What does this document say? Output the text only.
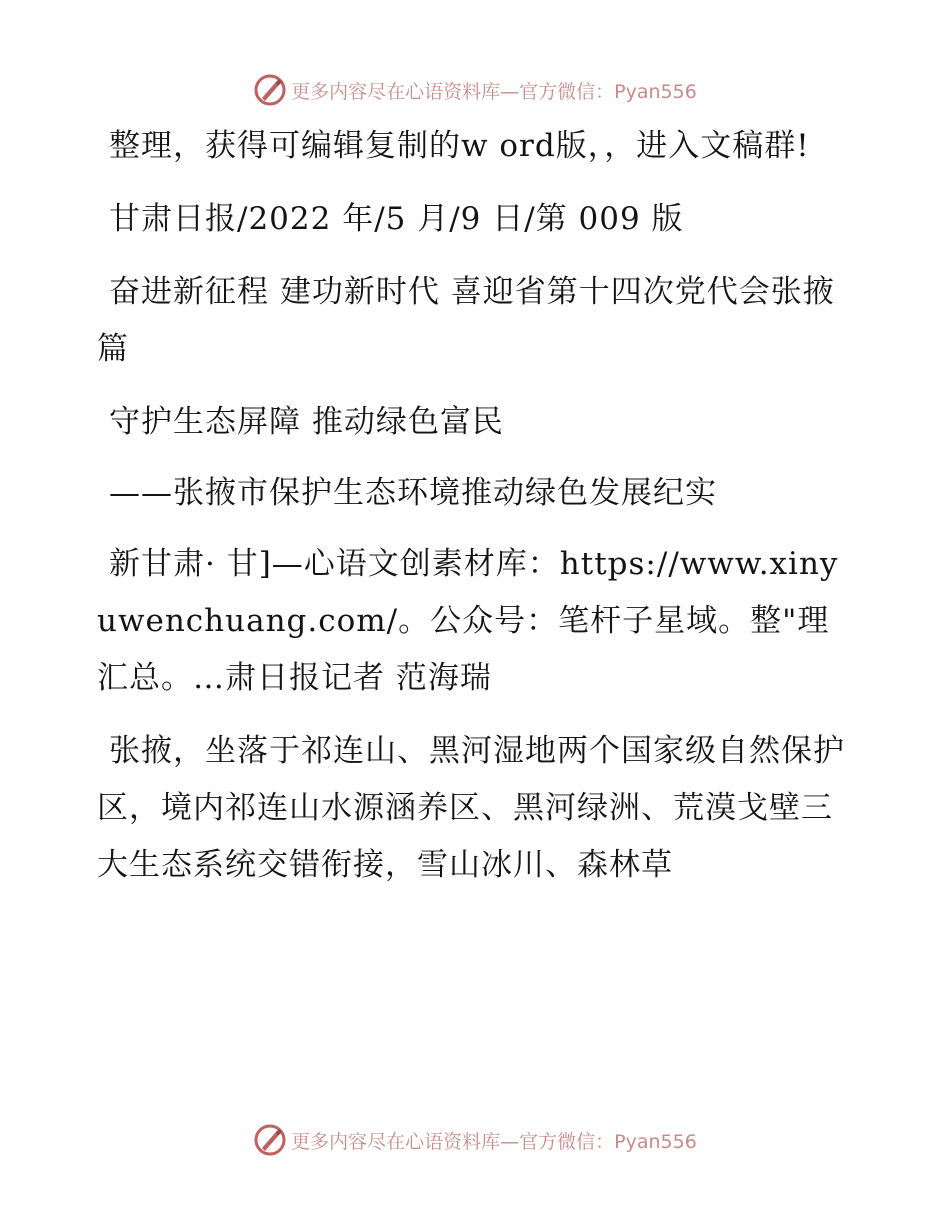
更多内容尽在心语资料库—官方微信：Pyan556

整理，获得可编辑复制的w ord版，，进入文稿群!

甘肃日报/2022 年/5 月/9 日/第 009 版

奋进新征程 建功新时代 喜迎省第十四次党代会张掖篇

守护生态屏障 推动绿色富民

——张掖市保护生态环境推动绿色发展纪实

新甘肃· 甘]—心语文创素材库：https://www.xinyuwenchuang.com/。公众号：笔杆子星域。整"理汇总。…肃日报记者 范海瑞

张掖，坐落于祁连山、黑河湿地两个国家级自然保护区，境内祁连山水源涵养区、黑河绿洲、荒漠戈壁三大生态系统交错衔接，雪山冰川、森林草

更多内容尽在心语资料库—官方微信：Pyan556
